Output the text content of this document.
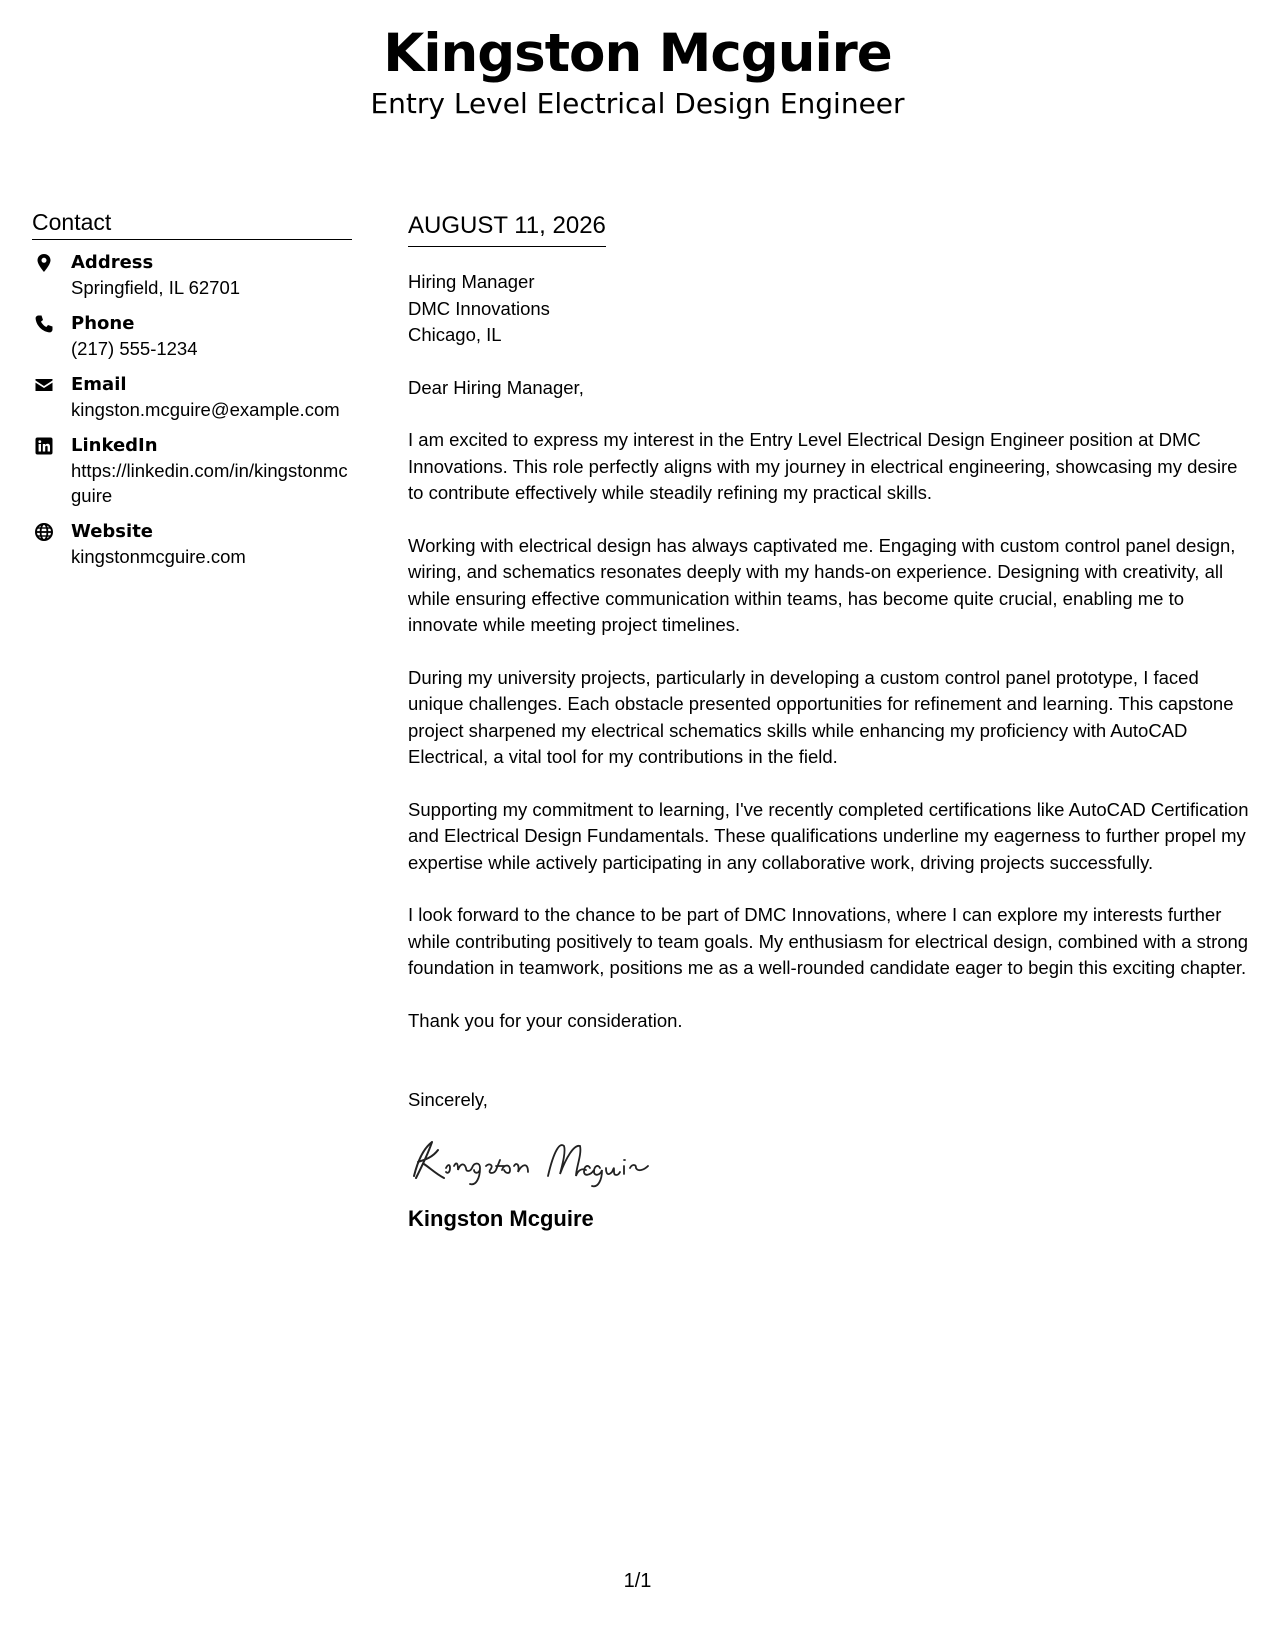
Kingston Mcguire
Entry Level Electrical Design Engineer
Contact
Address
Springfield, IL 62701
Phone
(217) 555-1234
Email
kingston.mcguire@example.com
LinkedIn
https://linkedin.com/in/kingstonmcguire
Website
kingstonmcguire.com
AUGUST 11, 2026
Hiring Manager
DMC Innovations
Chicago, IL
Dear Hiring Manager,

I am excited to express my interest in the Entry Level Electrical Design Engineer position at DMC Innovations. This role perfectly aligns with my journey in electrical engineering, showcasing my desire to contribute effectively while steadily refining my practical skills.

Working with electrical design has always captivated me. Engaging with custom control panel design, wiring, and schematics resonates deeply with my hands-on experience. Designing with creativity, all while ensuring effective communication within teams, has become quite crucial, enabling me to innovate while meeting project timelines.

During my university projects, particularly in developing a custom control panel prototype, I faced unique challenges. Each obstacle presented opportunities for refinement and learning. This capstone project sharpened my electrical schematics skills while enhancing my proficiency with AutoCAD Electrical, a vital tool for my contributions in the field.

Supporting my commitment to learning, I've recently completed certifications like AutoCAD Certification and Electrical Design Fundamentals. These qualifications underline my eagerness to further propel my expertise while actively participating in any collaborative work, driving projects successfully.

I look forward to the chance to be part of DMC Innovations, where I can explore my interests further while contributing positively to team goals. My enthusiasm for electrical design, combined with a strong foundation in teamwork, positions me as a well-rounded candidate eager to begin this exciting chapter.

Thank you for your consideration.
Sincerely,
Kingston Mcguire
1/1
